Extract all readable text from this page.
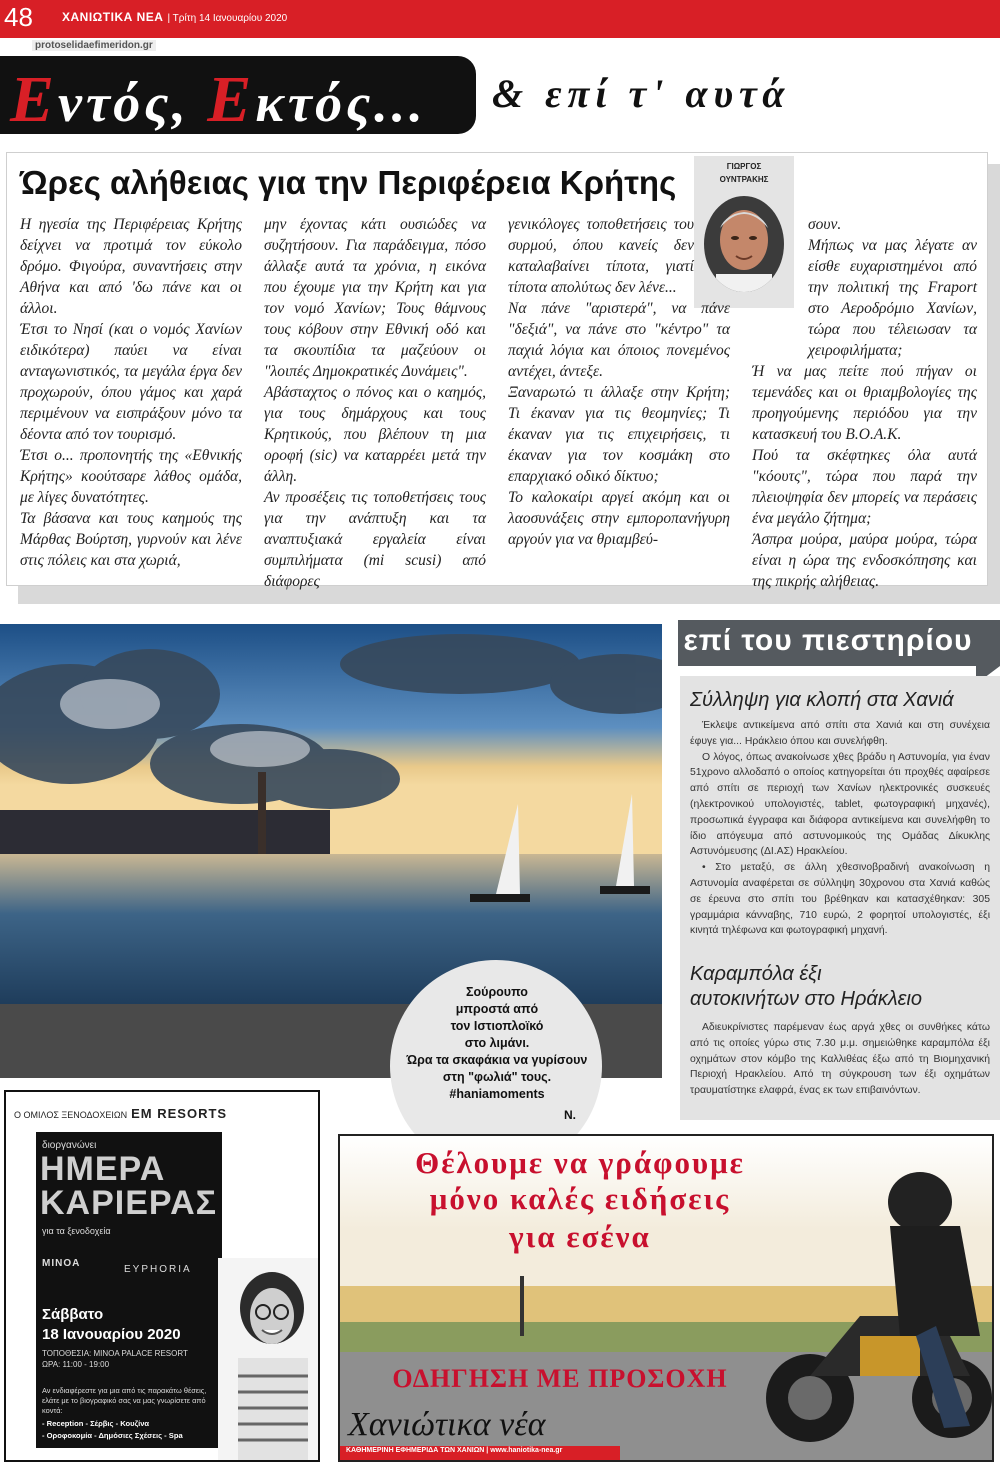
48 ΧΑΝΙΩΤΙΚΑ ΝΕΑ | Τρίτη 14 Ιανουαρίου 2020
protoselidaefimeridon.gr
Εντός, Εκτός... & επί τ' αυτά
Ώρες αλήθειας για την Περιφέρεια Κρήτης	ΓΙΩΡΓΟΣ
ΟΥΝΤΡΑΚΗΣ

Η ηγεσία της Περιφέρειας Κρήτης δείχνει να προτιμά τον εύκολο δρόμο. Φιγούρα, συναντήσεις στην Αθήνα και από 'δω πάνε και οι άλλοι.

Έτσι το Νησί (και ο νομός Χανίων ειδικότερα) παύει να είναι ανταγωνιστικός, τα μεγάλα έργα δεν προχωρούν, όπου γάμος και χαρά περιμένουν να εισπράξουν μόνο τα δέοντα από τον τουρισμό.

Έτσι ο... προπονητής της «Εθνικής Κρήτης» κοούτσαρε λάθος ομάδα, με λίγες δυνατότητες.

Τα βάσανα και τους καημούς της Μάρθας Βούρτση, γυρνούν και λένε στις πόλεις και στα χωριά,

μην έχοντας κάτι ουσιώδες να συζητήσουν. Για παράδειγμα, πόσο άλλαξε αυτά τα χρόνια, η εικόνα που έχουμε για την Κρήτη και για τον νομό Χανίων; Τους θάμνους τους κόβουν στην Εθνική οδό και τα σκουπίδια τα μαζεύουν οι "λοιπές Δημοκρατικές Δυνάμεις".

Αβάσταχτος ο πόνος και ο καημός, για τους δημάρχους και τους Κρητικούς, που βλέπουν τη μια οροφή (sic) να καταρρέει μετά την άλλη.

Αν προσέξεις τις τοποθετήσεις τους για την ανάπτυξη και τα αναπτυξιακά εργαλεία είναι συμπιλήματα (mi scusi) από διάφορες

γενικόλογες τοποθετήσεις του συρμού, όπου κανείς δεν καταλαβαίνει τίποτα, γιατί τίποτα απολύτως δεν λένε...

Να πάνε "αριστερά", να πάνε "δεξιά", να πάνε στο "κέντρο" τα παχιά λόγια και όποιος πονεμένος αντέχει, άντεξε.

Ξαναρωτώ τι άλλαξε στην Κρήτη; Τι έκαναν για τις θεομηνίες; Τι έκαναν για τις επιχειρήσεις, τι έκαναν για τον κοσμάκη στο επαρχιακό οδικό δίκτυο;

Το καλοκαίρι αργεί ακόμη και οι λαοσυνάξεις στην εμποροπανήγυρη αργούν για να θριαμβεύ-

σουν.

Μήπως να μας λέγατε αν είσθε ευχαριστημένοι από την πολιτική της Fraport στο Αεροδρόμιο Χανίων, τώρα που τέλειωσαν τα χειροφιλήματα;

Ή να μας πείτε πού πήγαν οι τεμενάδες και οι θριαμβολογίες της προηγούμενης περιόδου για την κατασκευή του Β.Ο.Α.Κ.

Πού τα σκέφτηκες όλα αυτά "κόουτς", τώρα που παρά την πλειοψηφία δεν μπορείς να περάσεις ένα μεγάλο ζήτημα;

Άσπρα μούρα, μαύρα μούρα, τώρα είναι η ώρα της ενδοσκόπησης και της πικρής αλήθειας.

Σούρουπο
μπροστά από
τον Ιστιοπλοϊκό
στο λιμάνι.
Ώρα τα σκαφάκια να γυρίσουν
στη "φωλιά" τους.
#haniamoments
Ν.
επί του πιεστηρίου
Σύλληψη για κλοπή στα Χανιά

Έκλεψε αντικείμενα από σπίτι στα Χανιά και στη συνέχεια έφυγε για... Ηράκλειο όπου και συνελήφθη.

Ο λόγος, όπως ανακοίνωσε χθες βράδυ η Αστυνομία, για έναν 51χρονο αλλοδαπό ο οποίος κατηγορείται ότι προχθές αφαίρεσε από σπίτι σε περιοχή των Χανίων ηλεκτρονικές συσκευές (ηλεκτρονικού υπολογιστές, tablet, φωτογραφική μηχανές), προσωπικά έγγραφα και διάφορα αντικείμενα και συνελήφθη το ίδιο απόγευμα από αστυνομικούς της Ομάδας Δίκυκλης Αστυνόμευσης (ΔΙ.ΑΣ) Ηρακλείου.

• Στο μεταξύ, σε άλλη χθεσινοβραδινή ανακοίνωση η Αστυνομία αναφέρεται σε σύλληψη 30χρονου στα Χανιά καθώς σε έρευνα στο σπίτι του βρέθηκαν και κατασχέθηκαν: 305 γραμμάρια κάνναβης, 710 ευρώ, 2 φορητοί υπολογιστές, έξι κινητά τηλέφωνα και φωτογραφική μηχανή.

Καραμπόλα έξι
αυτοκινήτων στο Ηράκλειο

Αδιευκρίνιστες παρέμεναν έως αργά χθες οι συνθήκες κάτω από τις οποίες γύρω στις 7.30 μ.μ. σημειώθηκε καραμπόλα έξι οχημάτων στον κόμβο της Καλλιθέας έξω από τη Βιομηχανική Περιοχή Ηρακλείου. Από τη σύγκρουση των έξι οχημάτων τραυματίστηκε ελαφρά, ένας εκ των επιβαινόντων.

Ο ΟΜΙΛΟΣ ΞΕΝΟΔΟΧΕΙΩΝ EM RESORTS
διοργανώνει
ΗΜΕΡΑ
ΚΑΡΙΕΡΑΣ
για τα ξενοδοχεία
MINOA
EYPHORIA
Σάββατο
18 Ιανουαρίου 2020
ΤΟΠΟΘΕΣΙΑ: MINOA PALACE RESORT
ΩΡΑ: 11:00 - 19:00
Αν ενδιαφέρεστε για μια από τις παρακάτω θέσεις, ελάτε με το βιογραφικό σας να μας γνωρίσετε από κοντά:
- Reception - Σέρβις - Κουζίνα
- Οροφοκομία - Δημόσιες Σχέσεις - Spa
Θέλουμε να γράφουμε
μόνο καλές ειδήσεις
για εσένα
ΟΔΗΓΗΣΗ ΜΕ ΠΡΟΣΟΧΗ
Χανιώτικα νέα
ΚΑΘΗΜΕΡΙΝΗ ΕΦΗΜΕΡΙΔΑ ΤΩΝ ΧΑΝΙΩΝ | www.haniotika-nea.gr
